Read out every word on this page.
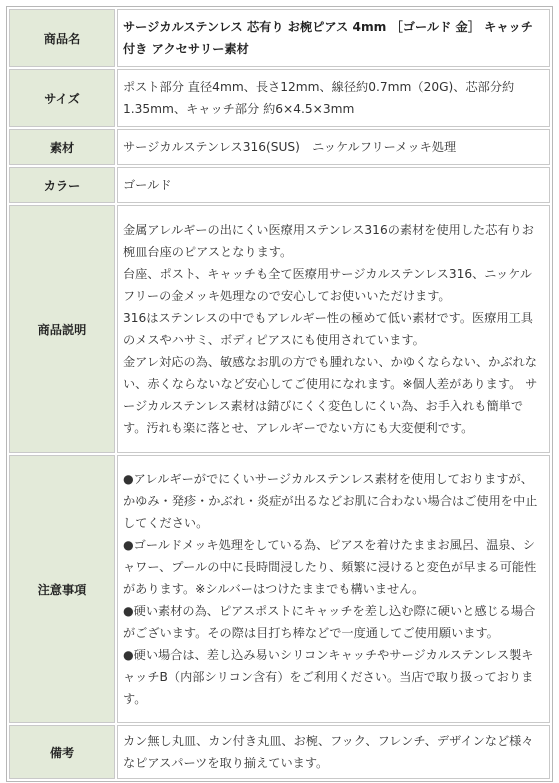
商品名	サージカルステンレス 芯有り お椀ピアス 4mm ［ゴールド 金］ キャッチ付き アクセサリー素材

サイズ	ポスト部分 直径4mm、長さ12mm、線径約0.7mm（20G)、芯部分約1.35mm、キャッチ部分 約6×4.5×3mm

素材	サージカルステンレス316(SUS)　ニッケルフリーメッキ処理

カラー	ゴールド

商品説明	金属アレルギーの出にくい医療用ステンレス316の素材を使用した芯有りお椀皿台座のピアスとなります。

台座、ポスト、キャッチも全て医療用サージカルステンレス316、ニッケルフリーの金メッキ処理なので安心してお使いいただけます。

316はステンレスの中でもアレルギー性の極めて低い素材です。医療用工具のメスやハサミ、ボディピアスにも使用されています。

金アレ対応の為、敏感なお肌の方でも腫れない、かゆくならない、かぶれない、赤くならないなど安心してご使用になれます。※個人差があります。 サージカルステンレス素材は錆びにくく変色しにくい為、お手入れも簡単です。汚れも楽に落とせ、アレルギーでない方にも大変便利です。

注意事項	●アレルギーがでにくいサージカルステンレス素材を使用しておりますが、かゆみ・発疹・かぶれ・炎症が出るなどお肌に合わない場合はご使用を中止してください。

●ゴールドメッキ処理をしている為、ピアスを着けたままお風呂、温泉、シャワー、プールの中に長時間浸したり、頻繁に浸けると変色が早まる可能性があります。※シルバーはつけたままでも構いません。

●硬い素材の為、ピアスポストにキャッチを差し込む際に硬いと感じる場合がございます。その際は目打ち棒などで一度通してご使用願います。

●硬い場合は、差し込み易いシリコンキャッチやサージカルステンレス製キャッチB（内部シリコン含有）をご利用ください。当店で取り扱っております。

備考	カン無し丸皿、カン付き丸皿、お椀、フック、フレンチ、デザインなど様々なピアスパーツを取り揃えています。
